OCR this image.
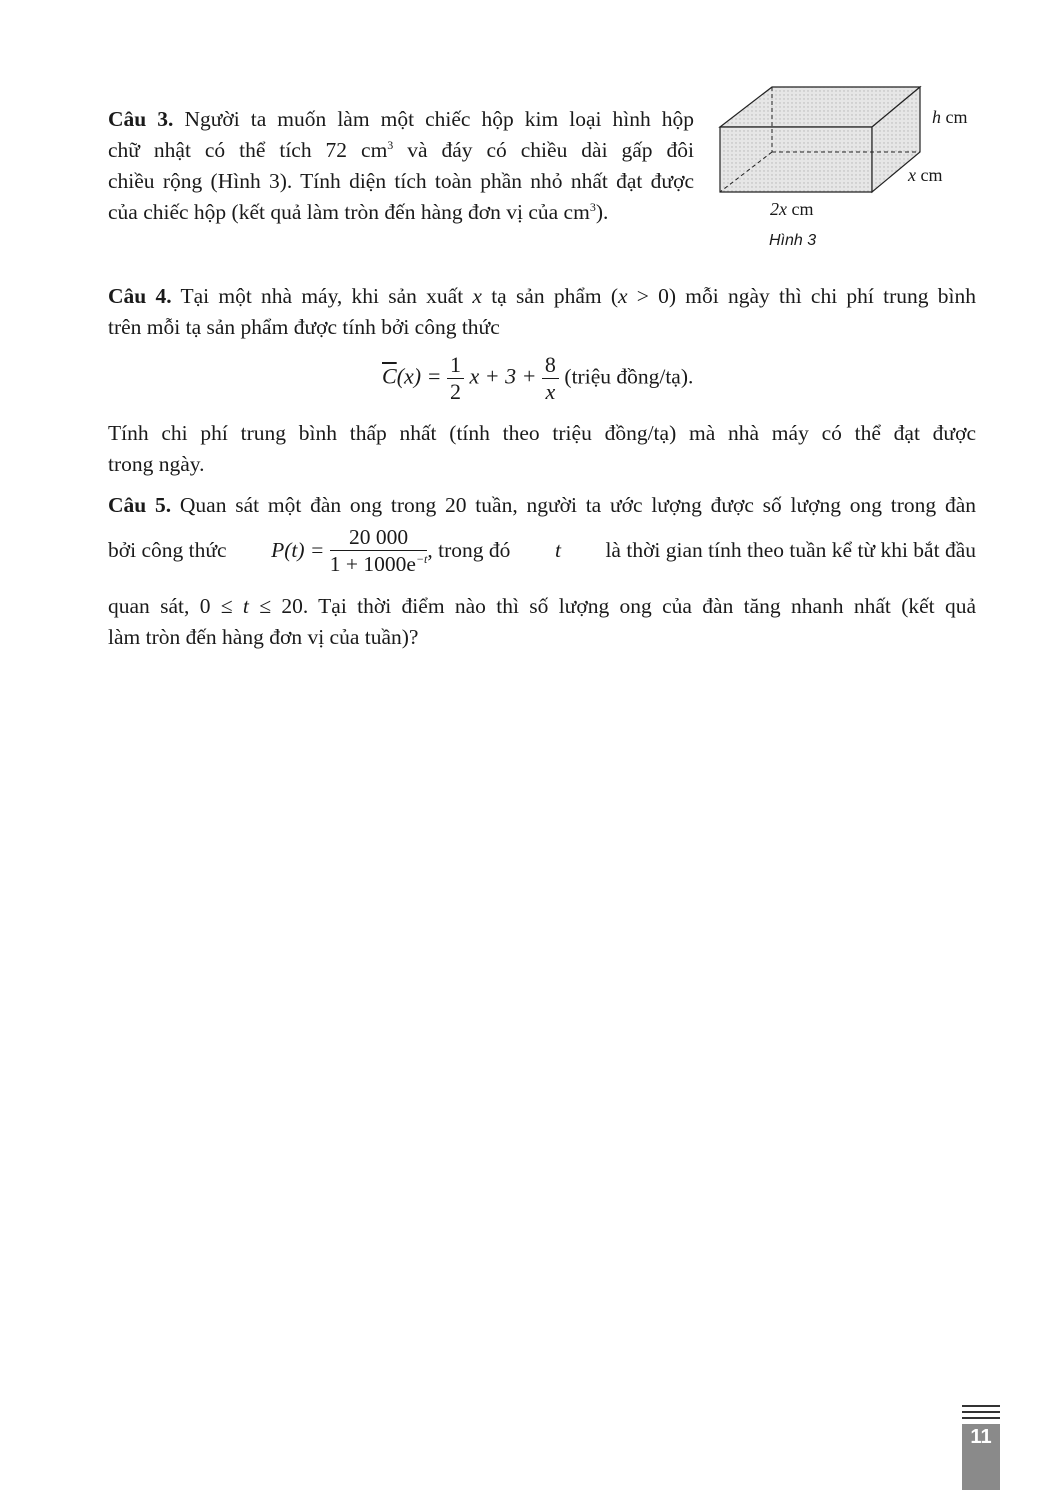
Câu 3. Người ta muốn làm một chiếc hộp kim loại hình hộp

chữ nhật có thể tích 72 $cm^3$ và đáy có chiều dài gấp đôi

chiều rộng (Hình 3). Tính diện tích toàn phần nhỏ nhất đạt được

của chiếc hộp (kết quả làm tròn đến hàng đơn vị của $cm^3$).

h cm
x cm
2x cm
Hình 3

Câu 4. Tại một nhà máy, khi sản xuất x tạ sản phẩm (x > 0) mỗi ngày thì chi phí trung bình

trên mỗi tạ sản phẩm được tính bởi công thức

$\overline{C}(x) = \frac{1}{2}$ $x + 3 + \frac{8}{x}$ (triệu đồng/tạ).

Tính chi phí trung bình thấp nhất (tính theo triệu đồng/tạ) mà nhà máy có thể đạt được

trong ngày.

Câu 5. Quan sát một đàn ong trong 20 tuần, người ta ước lượng được số lượng ong trong đàn

bởi công thức P(t) =
$\frac{20 000}{1 + 1000e^{-t}}$ , trong đó t là thời gian tính theo tuần kể từ khi bắt đầu

quan sát, 0 ≤ t ≤ 20. Tại thời điểm nào thì số lượng ong của đàn tăng nhanh nhất (kết quả

làm tròn đến hàng đơn vị của tuần)?

11
